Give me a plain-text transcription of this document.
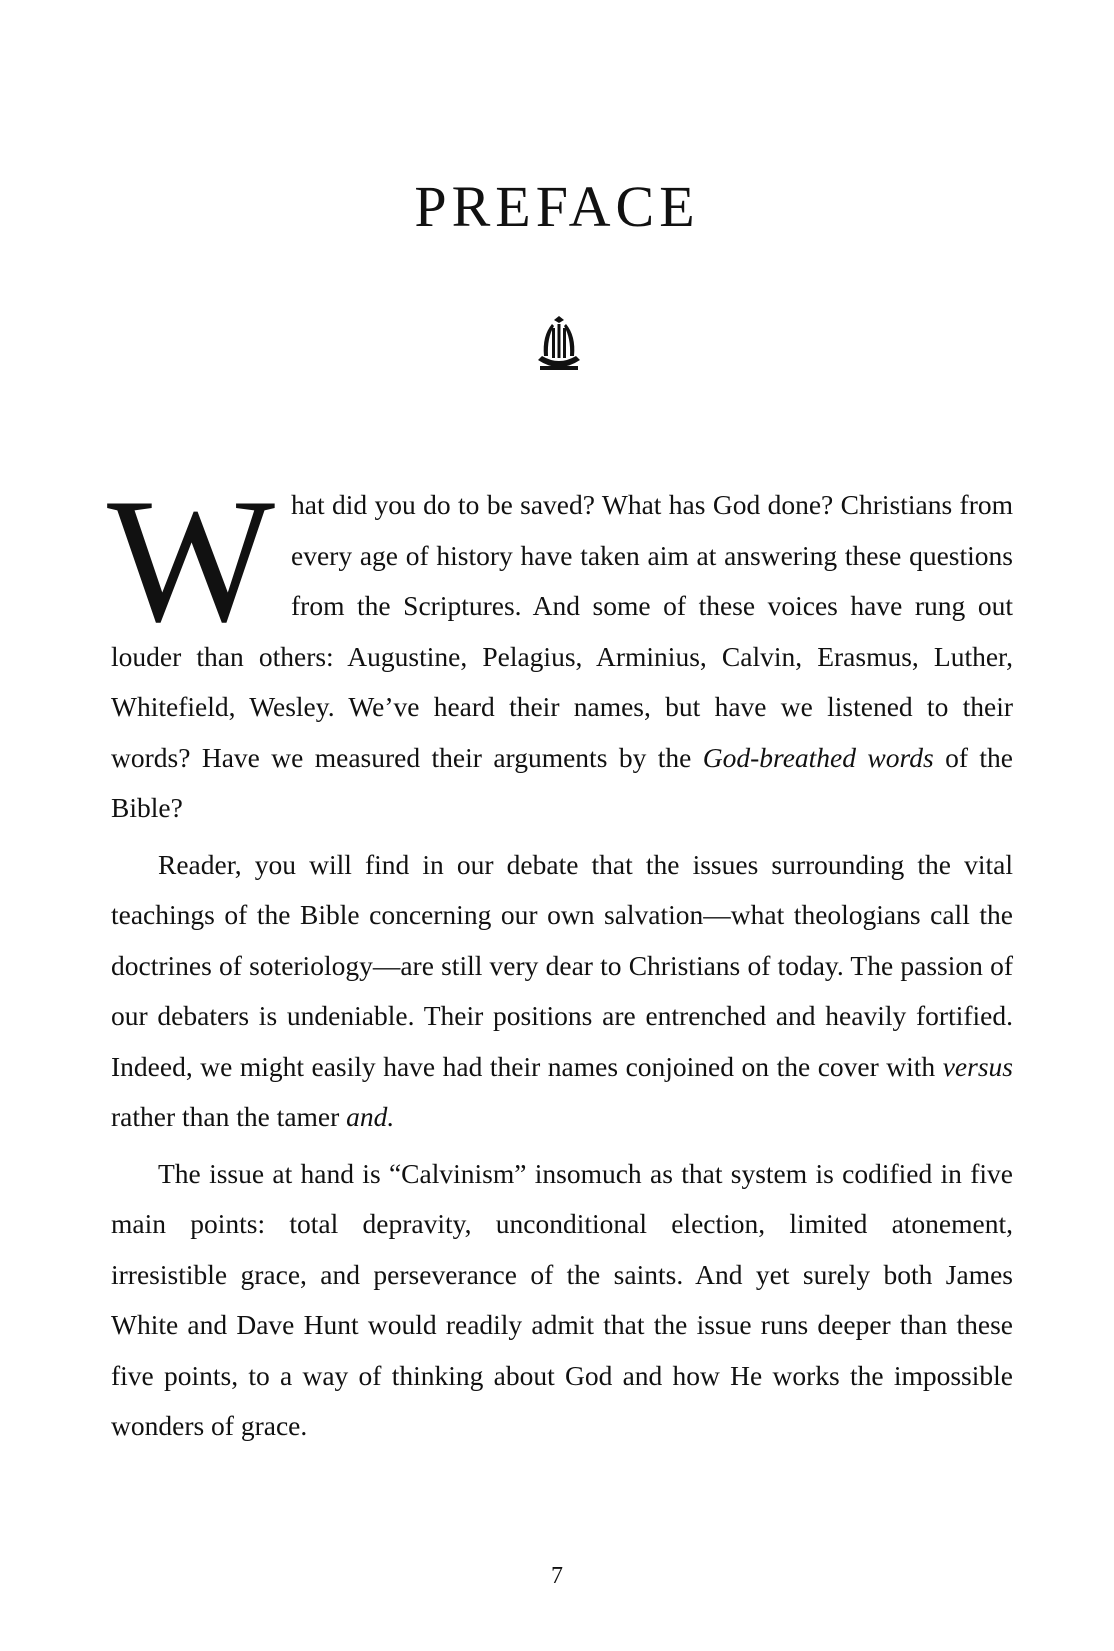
PREFACE

What did you do to be saved? What has God done? Christians from every age of history have taken aim at answering these questions from the Scriptures. And some of these voices have rung out louder than others: Augustine, Pelagius, Arminius, Calvin, Erasmus, Luther, Whitefield, Wesley. We’ve heard their names, but have we listened to their words? Have we measured their arguments by the God-breathed words of the Bible?

Reader, you will find in our debate that the issues surrounding the vital teachings of the Bible concerning our own salvation—what theologians call the doctrines of soteriology—are still very dear to Christians of today. The passion of our debaters is undeniable. Their positions are entrenched and heavily fortified. Indeed, we might easily have had their names conjoined on the cover with versus rather than the tamer and.

The issue at hand is “Calvinism” insomuch as that system is codified in five main points: total depravity, unconditional election, limited atonement, irresistible grace, and perseverance of the saints. And yet surely both James White and Dave Hunt would readily admit that the issue runs deeper than these five points, to a way of thinking about God and how He works the impossible wonders of grace.

7
